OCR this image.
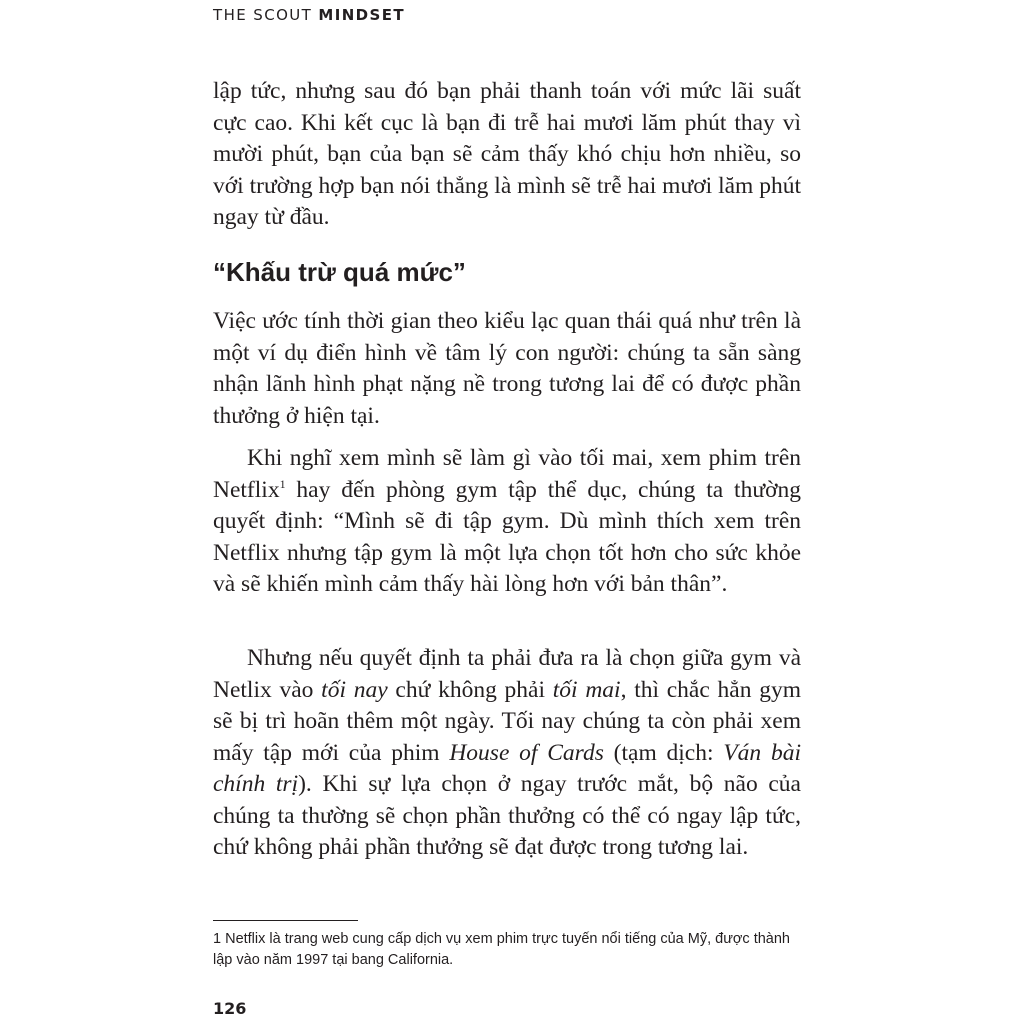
THE SCOUT MINDSET

lập tức, nhưng sau đó bạn phải thanh toán với mức lãi suất cực cao. Khi kết cục là bạn đi trễ hai mươi lăm phút thay vì mười phút, bạn của bạn sẽ cảm thấy khó chịu hơn nhiều, so với trường hợp bạn nói thẳng là mình sẽ trễ hai mươi lăm phút ngay từ đầu.

“Khấu trừ quá mức”

Việc ước tính thời gian theo kiểu lạc quan thái quá như trên là một ví dụ điển hình về tâm lý con người: chúng ta sẵn sàng nhận lãnh hình phạt nặng nề trong tương lai để có được phần thưởng ở hiện tại.

Khi nghĩ xem mình sẽ làm gì vào tối mai, xem phim trên Netflix$^1$ hay đến phòng gym tập thể dục, chúng ta thường quyết định: “Mình sẽ đi tập gym. Dù mình thích xem trên Netflix nhưng tập gym là một lựa chọn tốt hơn cho sức khỏe và sẽ khiến mình cảm thấy hài lòng hơn với bản thân”.

Nhưng nếu quyết định ta phải đưa ra là chọn giữa gym và Netlix vào tối nay chứ không phải tối mai, thì chắc hẳn gym sẽ bị trì hoãn thêm một ngày. Tối nay chúng ta còn phải xem mấy tập mới của phim House of Cards (tạm dịch: Ván bài chính trị). Khi sự lựa chọn ở ngay trước mắt, bộ não của chúng ta thường sẽ chọn phần thưởng có thể có ngay lập tức, chứ không phải phần thưởng sẽ đạt được trong tương lai.

1 Netflix là trang web cung cấp dịch vụ xem phim trực tuyến nổi tiếng của Mỹ, được thành lập vào năm 1997 tại bang California.

126
